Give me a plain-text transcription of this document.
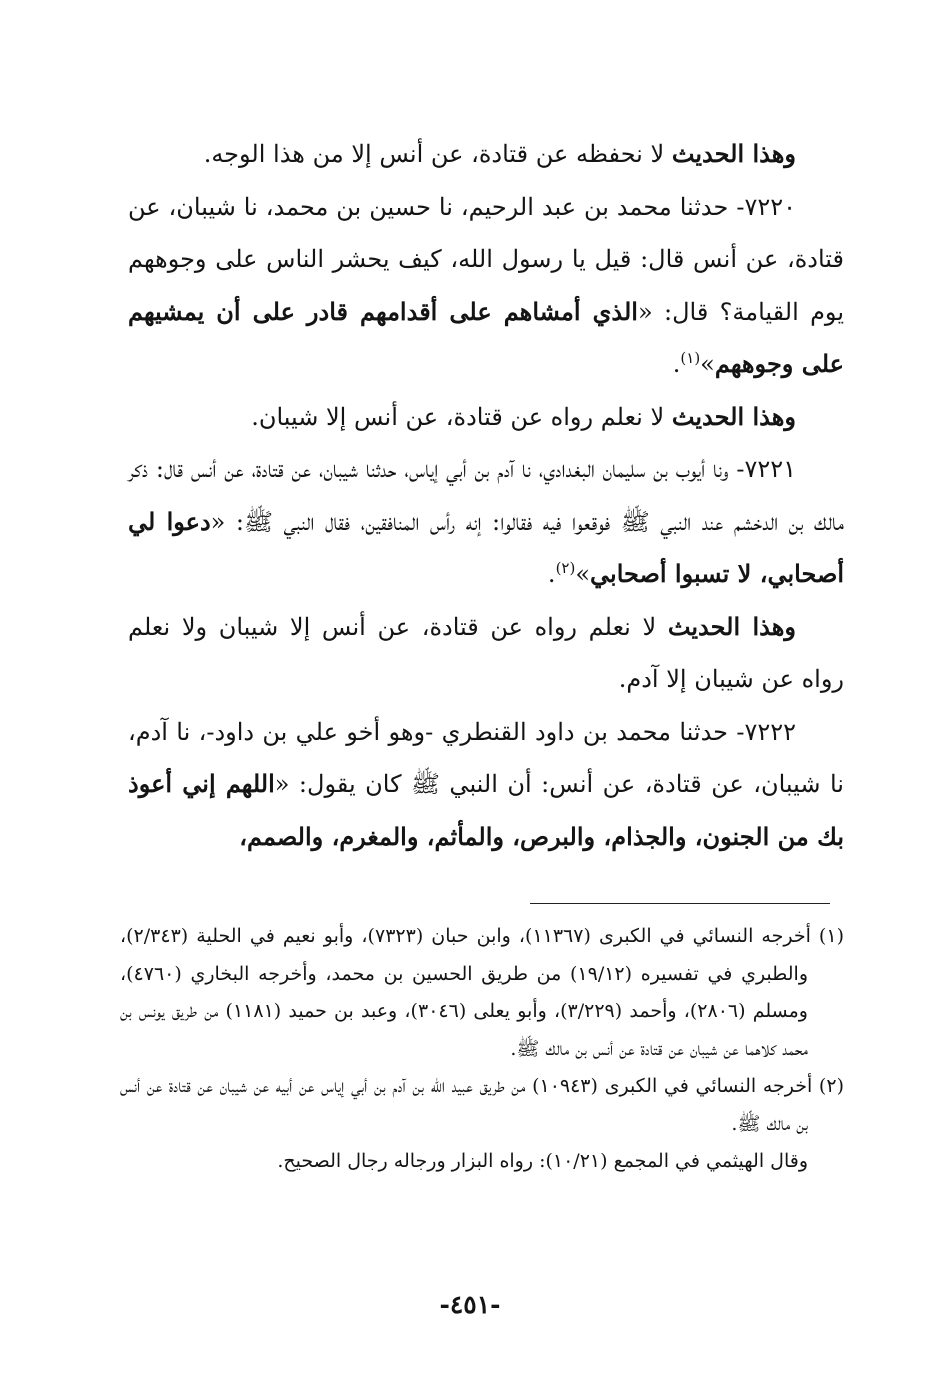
وهذا الحديث لا نحفظه عن قتادة، عن أنس إلا من هذا الوجه.

٧٢٢٠- حدثنا محمد بن عبد الرحيم، نا حسين بن محمد، نا شيبان، عن قتادة، عن أنس قال: قيل يا رسول الله، كيف يحشر الناس على وجوههم يوم القيامة؟ قال: «الذي أمشاهم على أقدامهم قادر على أن يمشيهم على وجوههم»$^{(١)}$.

وهذا الحديث لا نعلم رواه عن قتادة، عن أنس إلا شيبان.

٧٢٢١- ونا أيوب بن سليمان البغدادي، نا آدم بن أبي إياس، حدثنا شيبان، عن قتادة، عن أنس قال: ذكر مالك بن الدخشم عند النبي ﷺ فوقعوا فيه فقالوا: إنه رأس المنافقين، فقال النبي ﷺ: «دعوا لي أصحابي، لا تسبوا أصحابي»$^{(٢)}$.

وهذا الحديث لا نعلم رواه عن قتادة، عن أنس إلا شيبان ولا نعلم رواه عن شيبان إلا آدم.

٧٢٢٢- حدثنا محمد بن داود القنطري -وهو أخو علي بن داود-، نا آدم، نا شيبان، عن قتادة، عن أنس: أن النبي ﷺ كان يقول: «اللهم إني أعوذ بك من الجنون، والجذام، والبرص، والمأثم، والمغرم، والصمم،

(١) أخرجه النسائي في الكبرى (١١٣٦٧)، وابن حبان (٧٣٢٣)، وأبو نعيم في الحلية (٢/٣٤٣)، والطبري في تفسيره (١٩/١٢) من طريق الحسين بن محمد، وأخرجه البخاري (٤٧٦٠)، ومسلم (٢٨٠٦)، وأحمد (٣/٢٢٩)، وأبو يعلى (٣٠٤٦)، وعبد بن حميد (١١٨١) من طريق يونس بن محمد كلاهما عن شيبان عن قتادة عن أنس بن مالك ﷺ.

(٢) أخرجه النسائي في الكبرى (١٠٩٤٣) من طريق عبيد الله بن آدم بن أبي إياس عن أبيه عن شيبان عن قتادة عن أنس بن مالك ﷺ.

وقال الهيثمي في المجمع (١٠/٢١): رواه البزار ورجاله رجال الصحيح.

-٤٥١-
